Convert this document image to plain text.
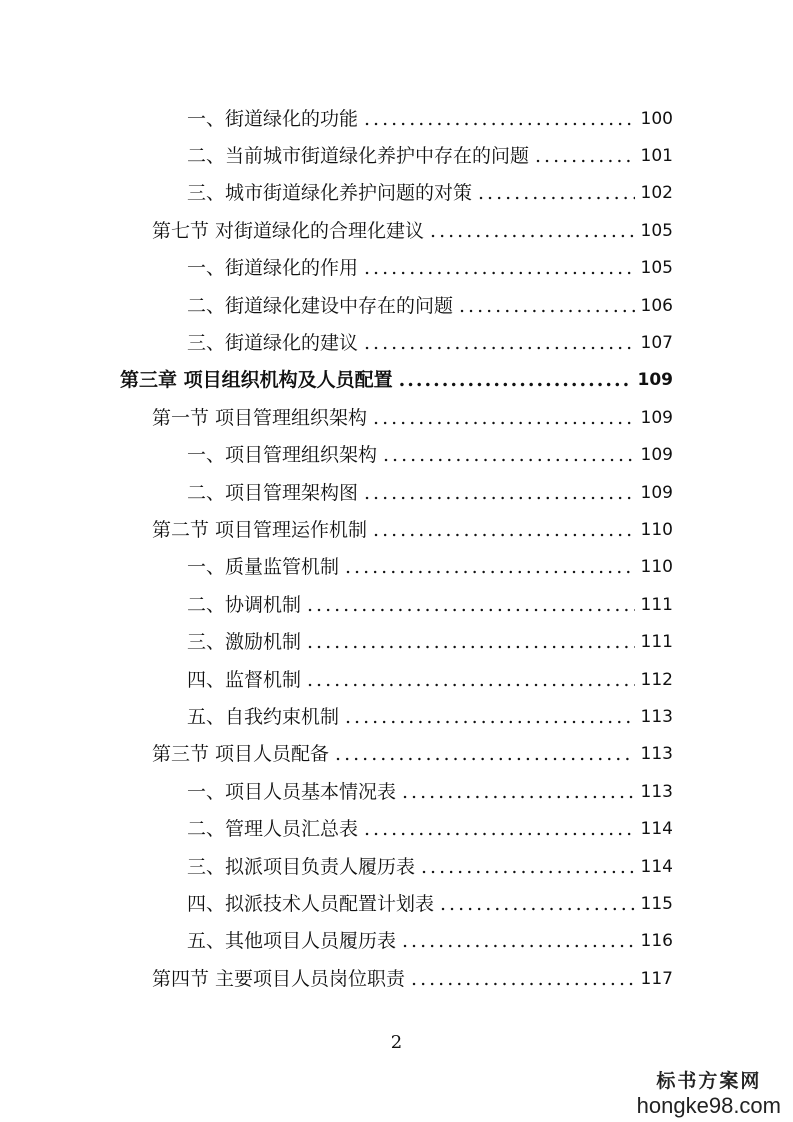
一、街道绿化的功能 .....	100
二、当前城市街道绿化养护中存在的问题 .....	101
三、城市街道绿化养护问题的对策 .....	102
第七节 对街道绿化的合理化建议 .....	105
一、街道绿化的作用 .....	105
二、街道绿化建设中存在的问题 .....	106
三、街道绿化的建议 .....	107
第三章 项目组织机构及人员配置 .....	109
第一节 项目管理组织架构 .....	109
一、项目管理组织架构 .....	109
二、项目管理架构图 .....	109
第二节 项目管理运作机制 .....	110
一、质量监管机制 .....	110
二、协调机制 .....	111
三、激励机制 .....	111
四、监督机制 .....	112
五、自我约束机制 .....	113
第三节 项目人员配备 .....	113
一、项目人员基本情况表 .....	113
二、管理人员汇总表 .....	114
三、拟派项目负责人履历表 .....	114
四、拟派技术人员配置计划表 .....	115
五、其他项目人员履历表 .....	116
第四节 主要项目人员岗位职责 .....	117
2
标书方案网
hongke98.com
